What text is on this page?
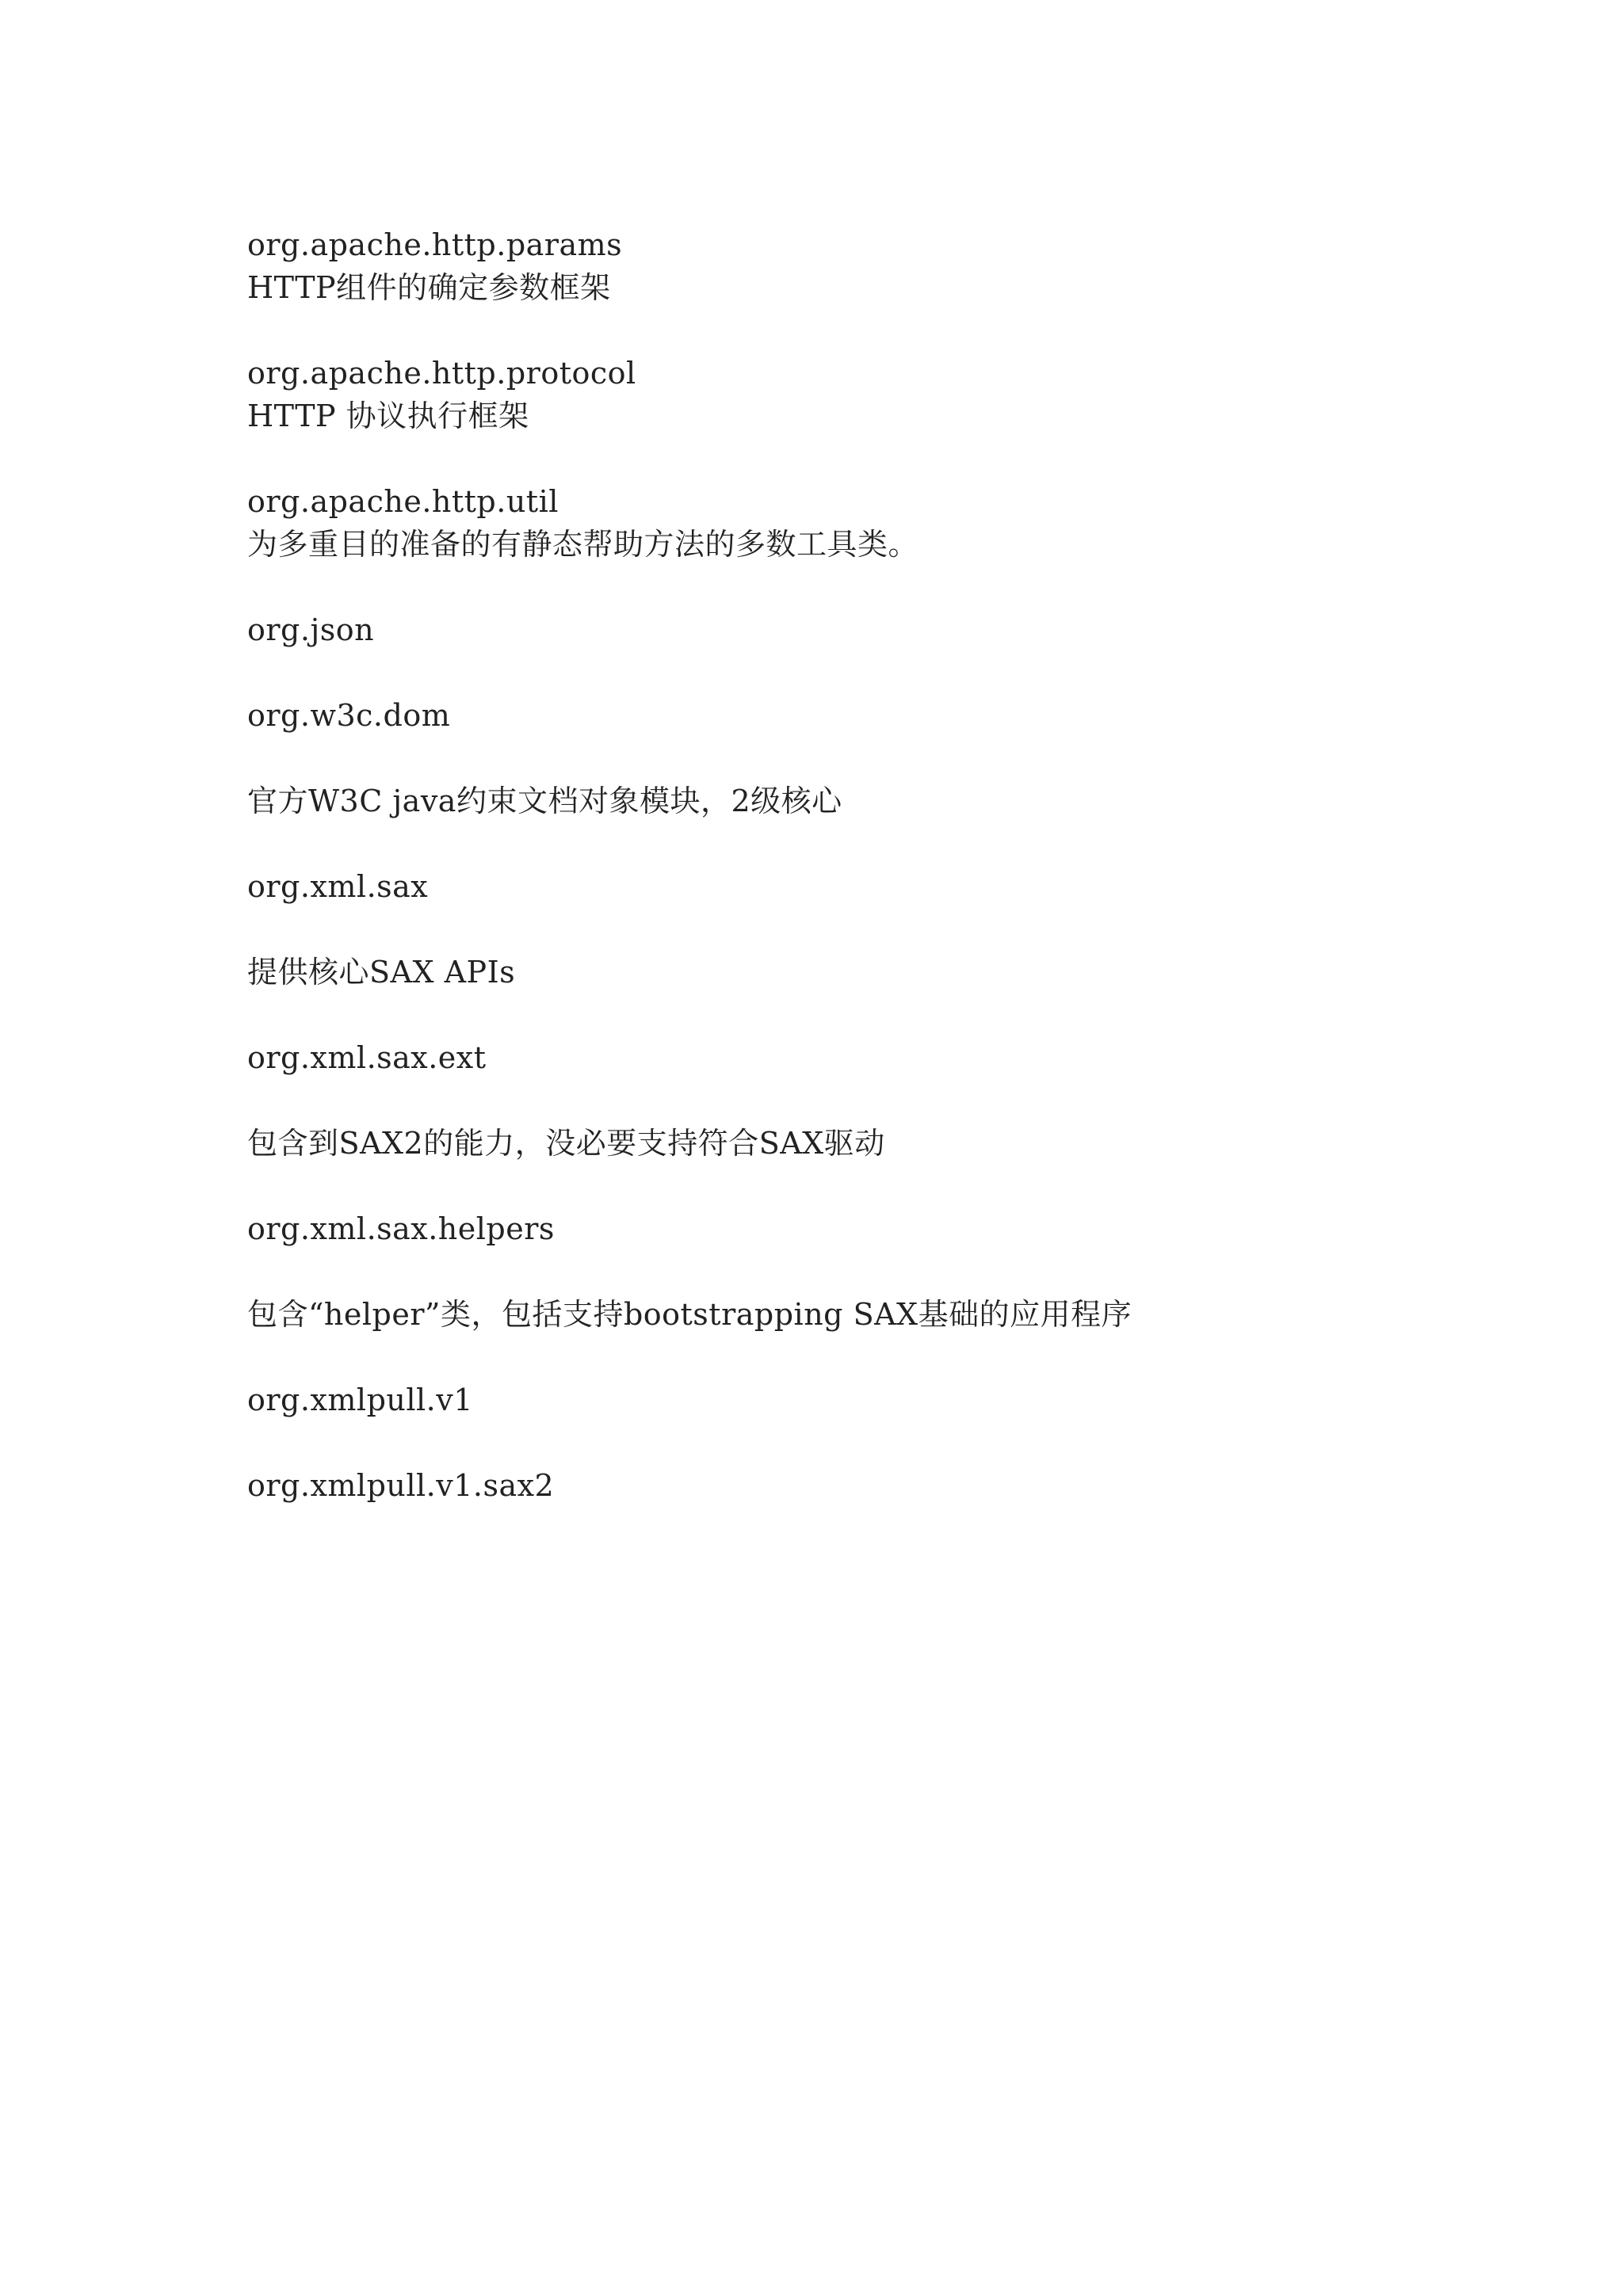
org.apache.http.params
HTTP组件的确定参数框架
org.apache.http.protocol
HTTP 协议执行框架
org.apache.http.util
为多重目的准备的有静态帮助方法的多数工具类。
org.json
org.w3c.dom
官方W3C java约束文档对象模块，2级核心
org.xml.sax
提供核心SAX APIs
org.xml.sax.ext
包含到SAX2的能力，没必要支持符合SAX驱动
org.xml.sax.helpers
包含“helper”类，包括支持bootstrapping SAX基础的应用程序
org.xmlpull.v1
org.xmlpull.v1.sax2
